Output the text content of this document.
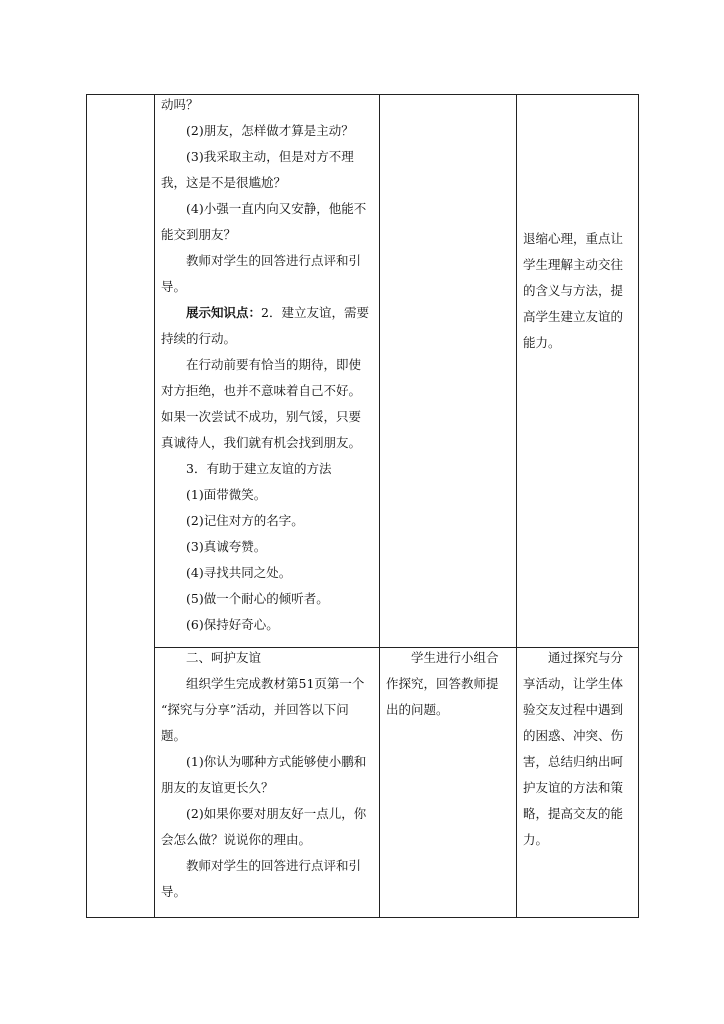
动吗？

(2)朋友，怎样做才算是主动？

(3)我采取主动，但是对方不理

我，这是不是很尴尬？

(4)小强一直内向又安静，他能不

能交到朋友？

教师对学生的回答进行点评和引

导。

展示知识点：2．建立友谊，需要

持续的行动。

在行动前要有恰当的期待，即使

对方拒绝，也并不意味着自己不好。

如果一次尝试不成功，别气馁，只要

真诚待人，我们就有机会找到朋友。

3．有助于建立友谊的方法

(1)面带微笑。

(2)记住对方的名字。

(3)真诚夸赞。

(4)寻找共同之处。

(5)做一个耐心的倾听者。

(6)保持好奇心。

退缩心理，重点让

学生理解主动交往

的含义与方法，提

高学生建立友谊的

能力。

二、呵护友谊

组织学生完成教材第51页第一个

“探究与分享”活动，并回答以下问

题。

(1)你认为哪种方式能够使小鹏和

朋友的友谊更长久？

(2)如果你要对朋友好一点儿，你

会怎么做？说说你的理由。

教师对学生的回答进行点评和引

导。

学生进行小组合

作探究，回答教师提

出的问题。

通过探究与分

享活动，让学生体

验交友过程中遇到

的困惑、冲突、伤

害，总结归纳出呵

护友谊的方法和策

略，提高交友的能

力。
